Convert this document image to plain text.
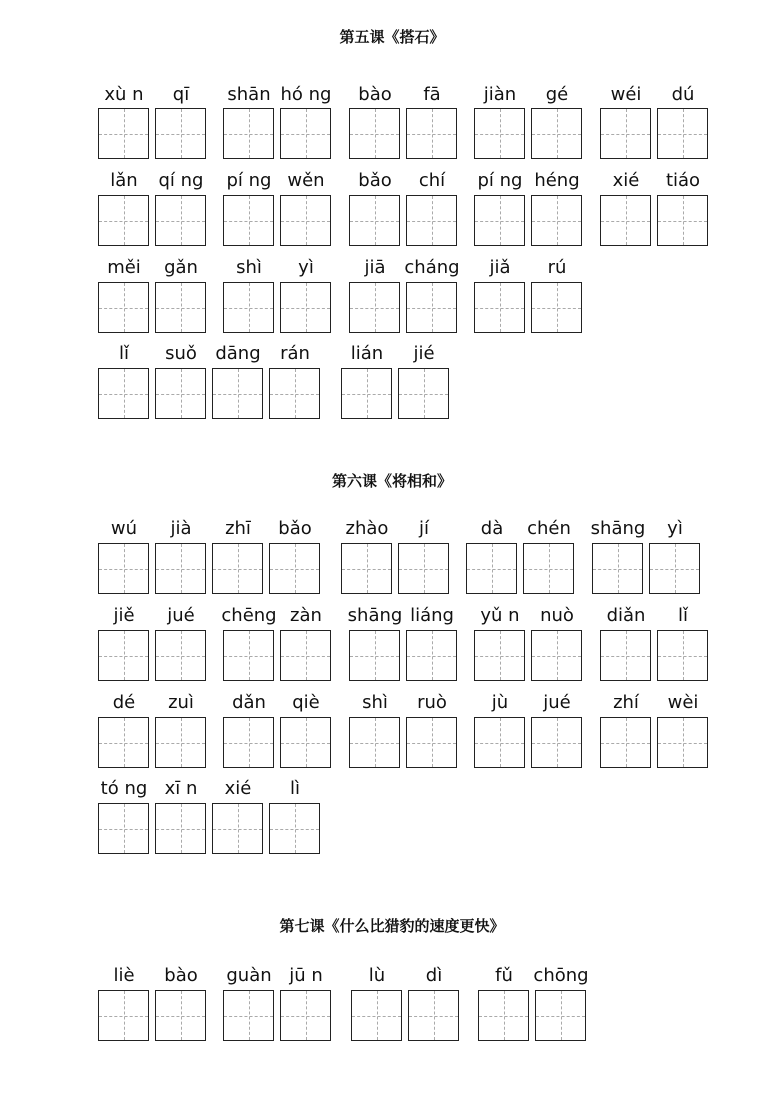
第五课《搭石》
xù n	qī	shān hó ng	bào	fā	jiàn	gé	wéi	dú
lǎn	qí ng	pí ng wěn	bǎo	chí	pí ng héng	xié	tiáo
měi	gǎn	shì	yì	jiā	cháng	jiǎ	rú
lǐ	suǒ	dāng	rán	lián	jié
第六课《将相和》
wú	jià	zhī	bǎo	zhào	jí	dà	chén	shāng	yì
jiě	jué	chēng zàn	shāng liáng	yǔ n	nuò	diǎn	lǐ
dé	zuì	dǎn	qiè	shì	ruò	jù	jué	zhí	wèi
tó ng xī n	xié	lì
第七课《什么比猎豹的速度更快》
liè	bào	guàn jū n	lù	dì	fǔ	chōng
